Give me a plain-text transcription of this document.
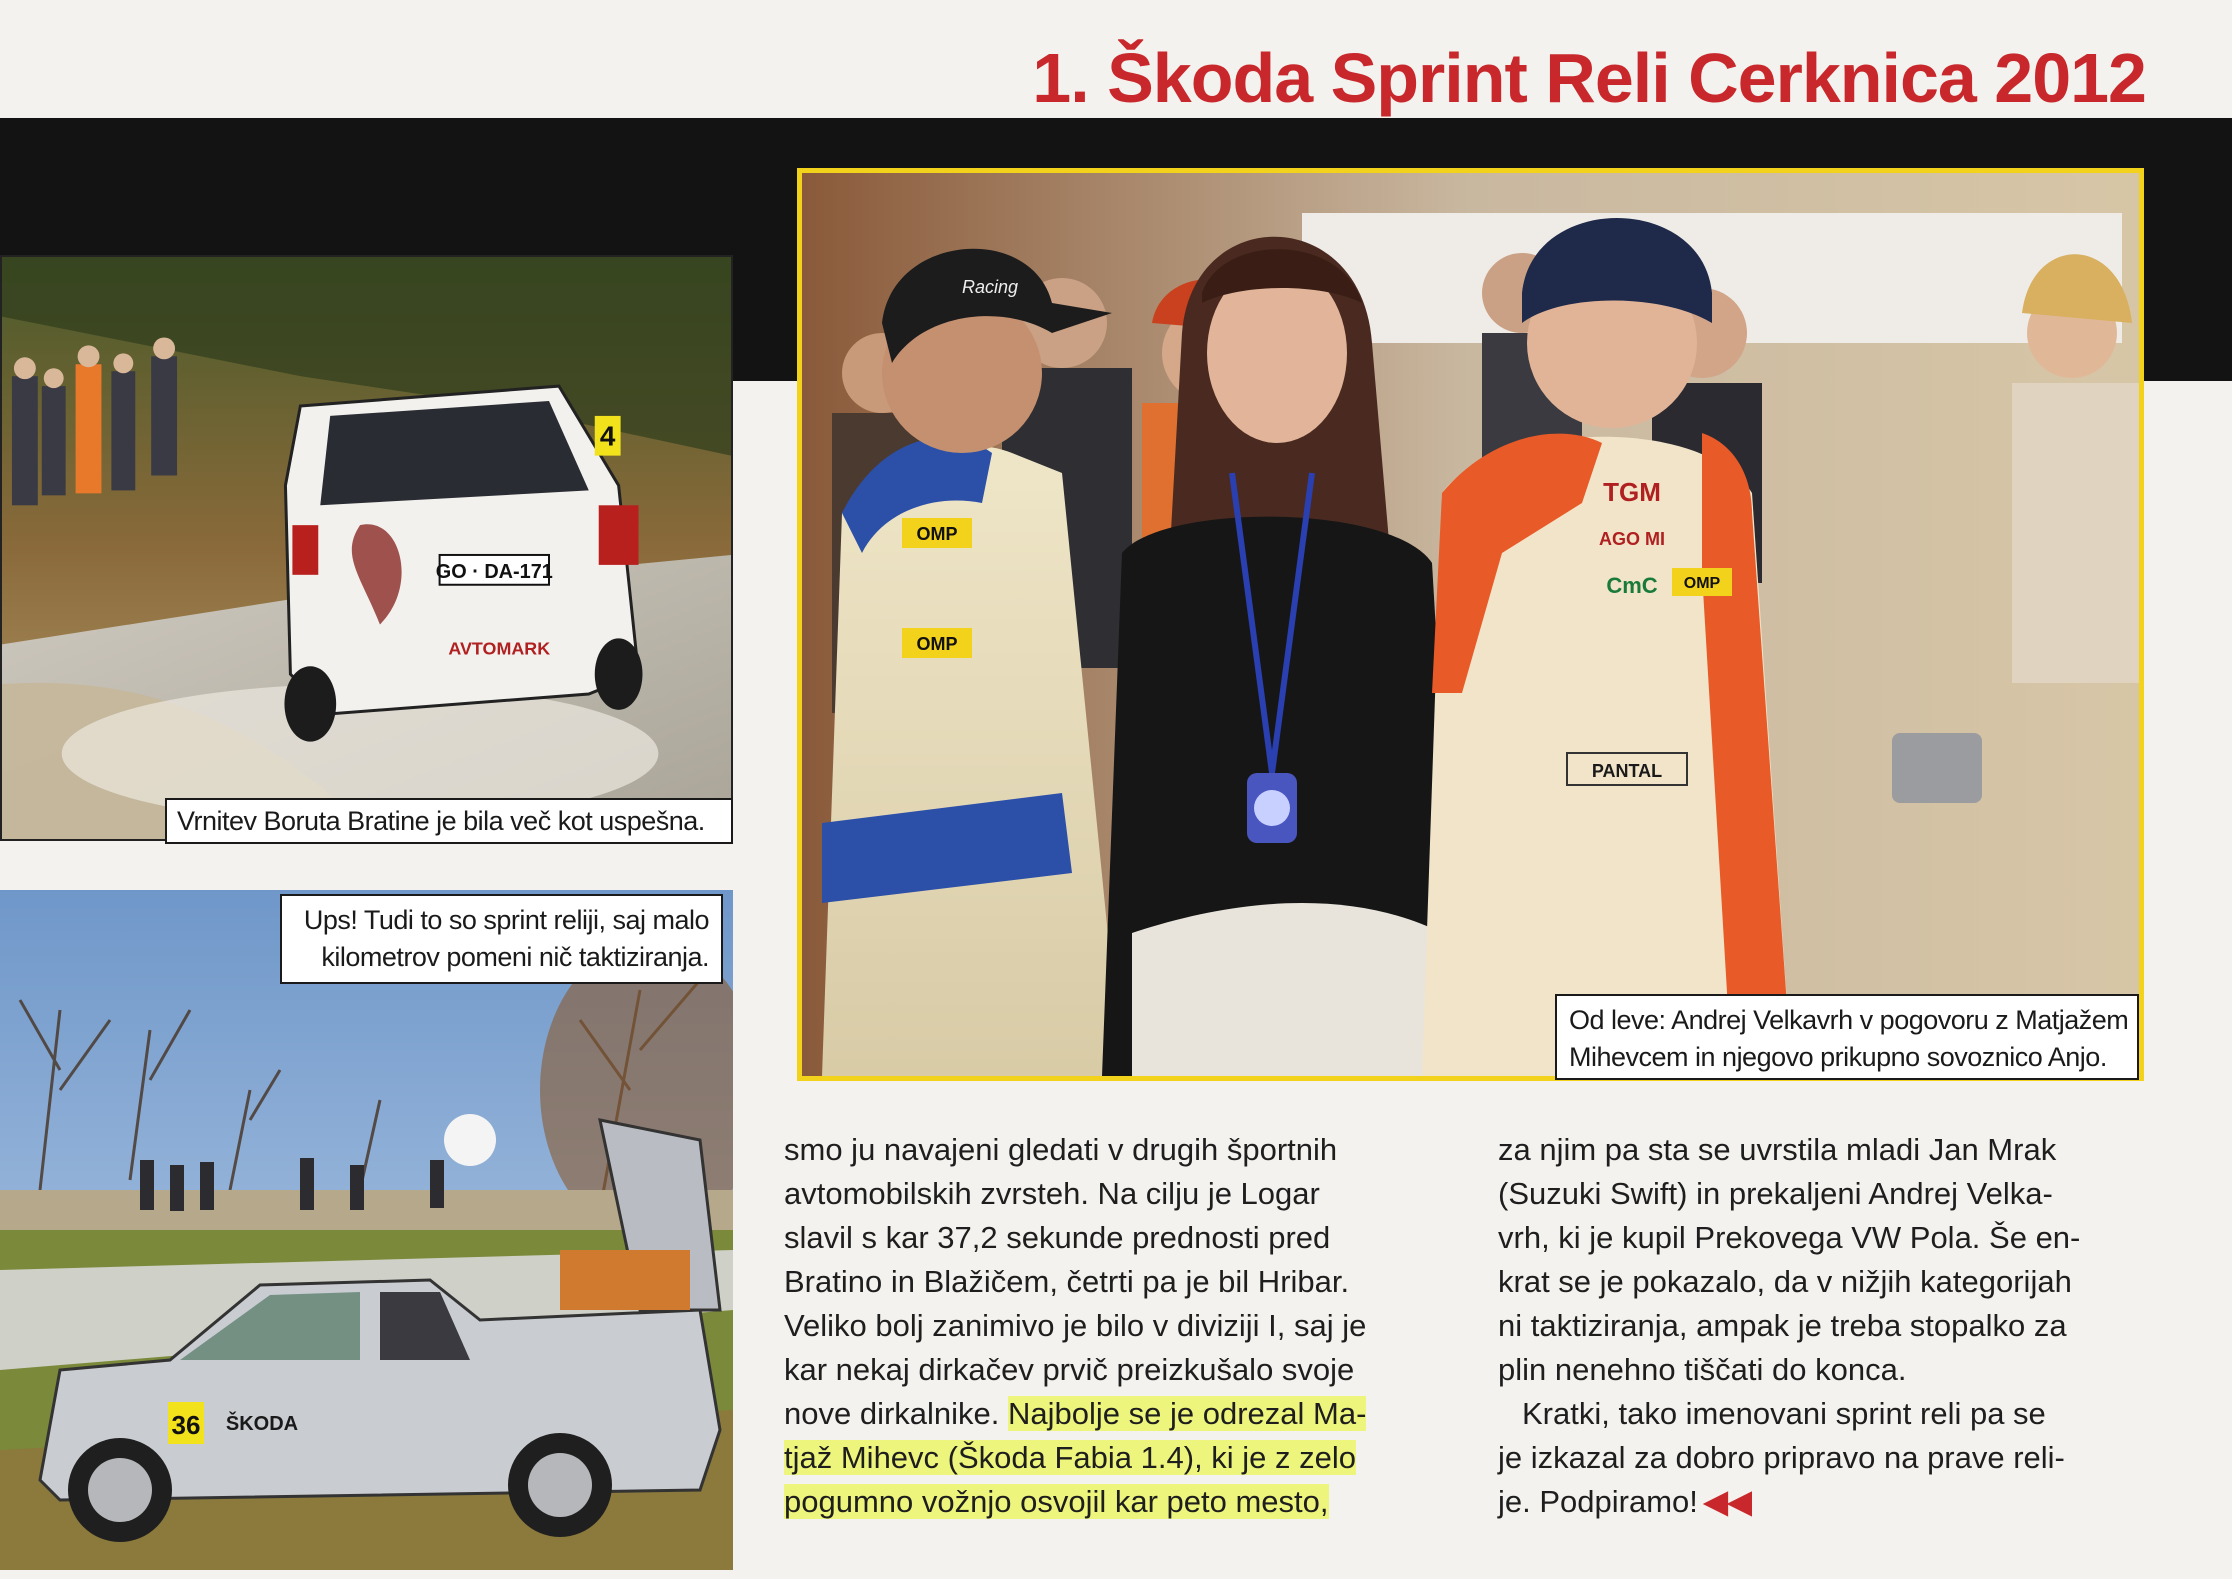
1. Škoda Sprint Reli Cerknica 2012
GO · DA-171
4
AVTOMARK
Vrnitev Boruta Bratine je bila več kot uspešna.
36 ŠKODA
Ups! Tudi to so sprint reliji, saj malo
kilometrov pomeni nič taktiziranja.
Racing
OMP
OMP
TGM
AGO MI
CmC
PANTAL
OMP
Od leve: Andrej Velkavrh v pogovoru z Matjažem
Mihevcem in njegovo prikupno sovoznico Anjo.
smo ju navajeni gledati v drugih športnih
avtomobilskih zvrsteh. Na cilju je Logar
slavil s kar 37,2 sekunde prednosti pred
Bratino in Blažičem, četrti pa je bil Hribar.
Veliko bolj zanimivo je bilo v diviziji I, saj je
kar nekaj dirkačev prvič preizkušalo svoje
nove dirkalnike. Najbolje se je odrezal Ma-
tjaž Mihevc (Škoda Fabia 1.4), ki je z zelo
pogumno vožnjo osvojil kar peto mesto,
za njim pa sta se uvrstila mladi Jan Mrak
(Suzuki Swift) in prekaljeni Andrej Velka-
vrh, ki je kupil Prekovega VW Pola. Še en-
krat se je pokazalo, da v nižjih kategorijah
ni taktiziranja, ampak je treba stopalko za
plin nenehno tiščati do konca.
Kratki, tako imenovani sprint reli pa se
je izkazal za dobro pripravo na prave reli-
je. Podpiramo! ◀◀
